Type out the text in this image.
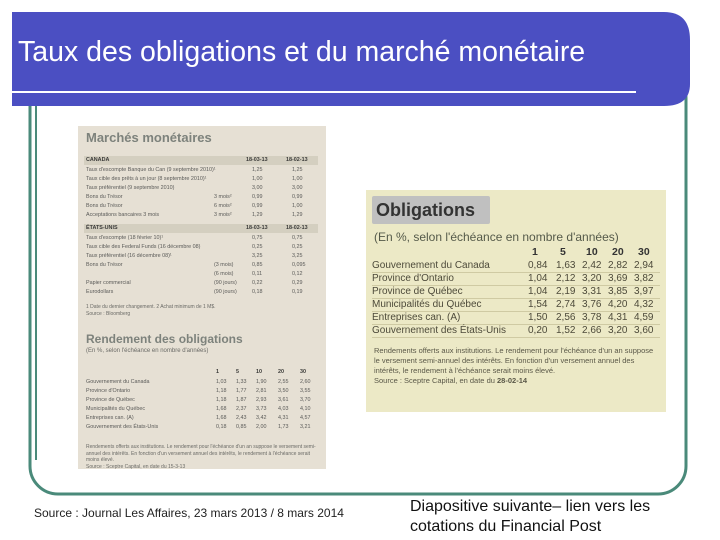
Taux des obligations et du marché monétaire
Marchés monétaires
CANADA	18-03-13	18-02-13
Taux d'escompte Banque du Can (9 septembre 2010)¹	1,25	1,25
Taux cible des prêts à un jour (8 septembre 2010)¹	1,00	1,00
Taux préférentiel (9 septembre 2010)	3,00	3,00
Bons du Trésor	3 mois²	0,99	0,99
Bons du Trésor	6 mois²	0,99	1,00
Acceptations bancaires 3 mois	3 mois²	1,29	1,29
ÉTATS-UNIS	18-03-13	18-02-13
Taux d'escompte (18 février 10)¹	0,75	0,75
Taux cible des Federal Funds (16 décembre 08)	0,25	0,25
Taux préférentiel (16 décembre 08)¹	3,25	3,25
Bons du Trésor	(3 mois)	0,85	0,095
(6 mois)	0,11	0,12
Papier commercial	(90 jours)	0,22	0,29
Eurodollars	(90 jours)	0,18	0,19
1 Date du dernier changement. 2 Achat minimum de 1 M$.
Source : Bloomberg
Rendement des obligations
(En %, selon l'échéance en nombre d'années)
1	5	10	20	30
Gouvernement du Canada	1,03 1,33 1,90 2,55 2,60
Province d'Ontario	1,18 1,77 2,81 3,50 3,55
Province de Québec	1,18 1,87 2,93 3,61 3,70
Municipalités du Québec	1,68 2,37 3,73 4,03 4,10
Entreprises can. (A)	1,68 2,43 3,42 4,31 4,57
Gouvernement des États-Unis	0,18 0,85 2,00 1,73 3,21
Rendements offerts aux institutions. Le rendement pour l'échéance d'un an suppose le versement semi-annuel des intérêts. En fonction d'un versement annuel des intérêts, le rendement à l'échéance serait moins élevé.
Source : Sceptre Capital, en date du 15-3-13
Obligations
(En %, selon l'échéance en nombre d'années)
1 5 10 20 30
Gouvernement du Canada	0,84 1,63 2,42 2,82 2,94
Province d'Ontario	1,04 2,12 3,20 3,69 3,82
Province de Québec	1,04 2,19 3,31 3,85 3,97
Municipalités du Québec	1,54 2,74 3,76 4,20 4,32
Entreprises can. (A)	1,50 2,56 3,78 4,31 4,59
Gouvernement des États-Unis 0,20 1,52 2,66 3,20 3,60
Rendements offerts aux institutions. Le rendement pour l'échéance d'un an suppose le versement semi-annuel des intérêts. En fonction d'un versement annuel des intérêts, le rendement à l'échéance serait moins élevé.
Source : Sceptre Capital, en date du 28-02-14
Source : Journal Les Affaires, 23 mars 2013 / 8 mars 2014	Diapositive suivante– lien vers les cotations du Financial Post
